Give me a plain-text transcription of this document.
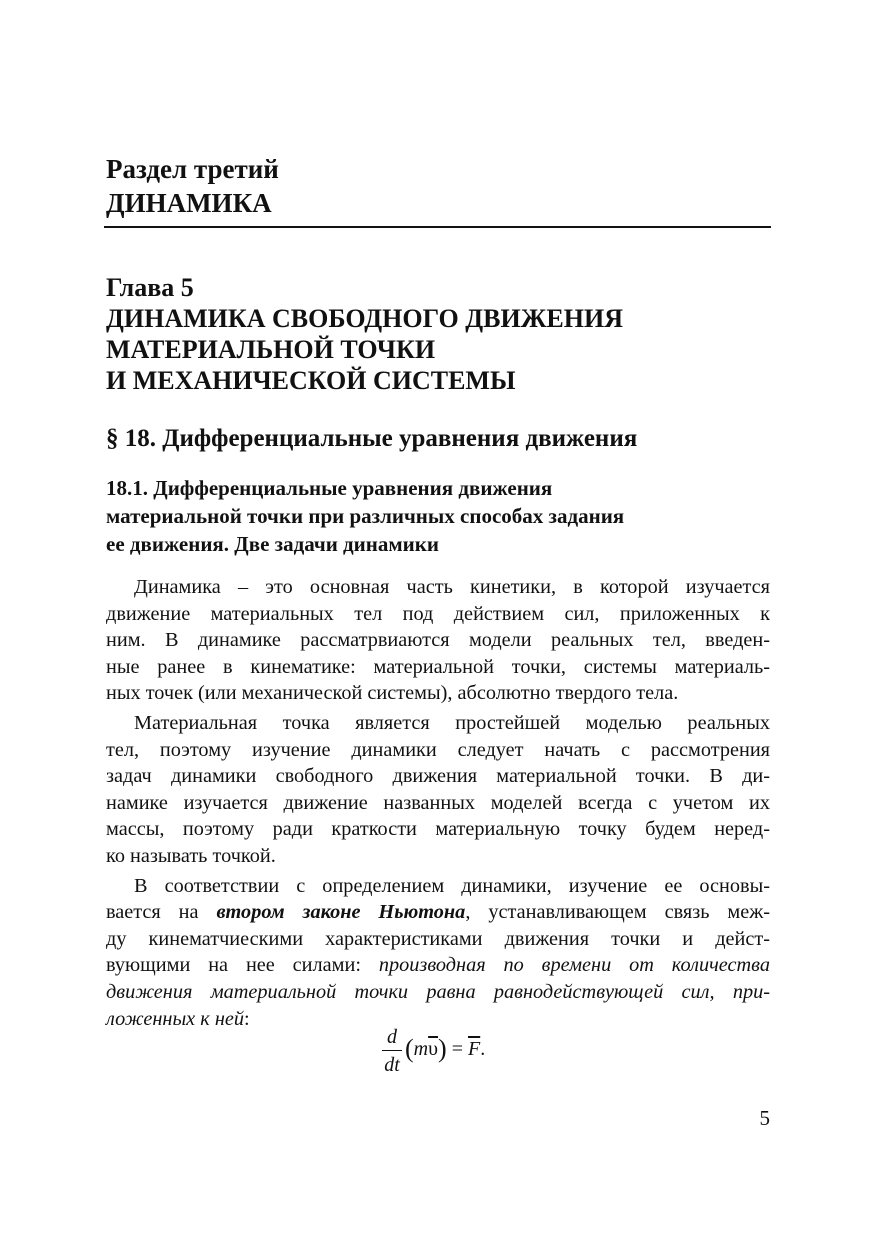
Раздел третий
ДИНАМИКА
Глава 5
ДИНАМИКА СВОБОДНОГО ДВИЖЕНИЯ
МАТЕРИАЛЬНОЙ ТОЧКИ
И МЕХАНИЧЕСКОЙ СИСТЕМЫ
§ 18. Дифференциальные уравнения движения
18.1. Дифференциальные уравнения движения
материальной точки при различных способах задания
ее движения. Две задачи динамики
Динамика – это основная часть кинетики, в которой изучается
движение материальных тел под действием сил, приложенных к
ним. В динамике рассматрвиаются модели реальных тел, введен-
ные ранее в кинематике: материальной точки, системы материаль-
ных точек (или механической системы), абсолютно твердого тела.
Материальная точка является простейшей моделью реальных
тел, поэтому изучение динамики следует начать с рассмотрения
задач динамики свободного движения материальной точки. В ди-
намике изучается движение названных моделей всегда с учетом их
массы, поэтому ради краткости материальную точку будем неред-
ко называть точкой.
В соответствии с определением динамики, изучение ее основы-
вается на втором законе Ньютона, устанавливающем связь меж-
ду кинематчиескими характеристиками движения точки и дейст-
вующими на нее силами: производная по времени от количества
движения материальной точки равна равнодействующей сил, при-
ложенных к ней:
d
dt
$(m\overline{\upsilon}) = \overline{F}$.
5
